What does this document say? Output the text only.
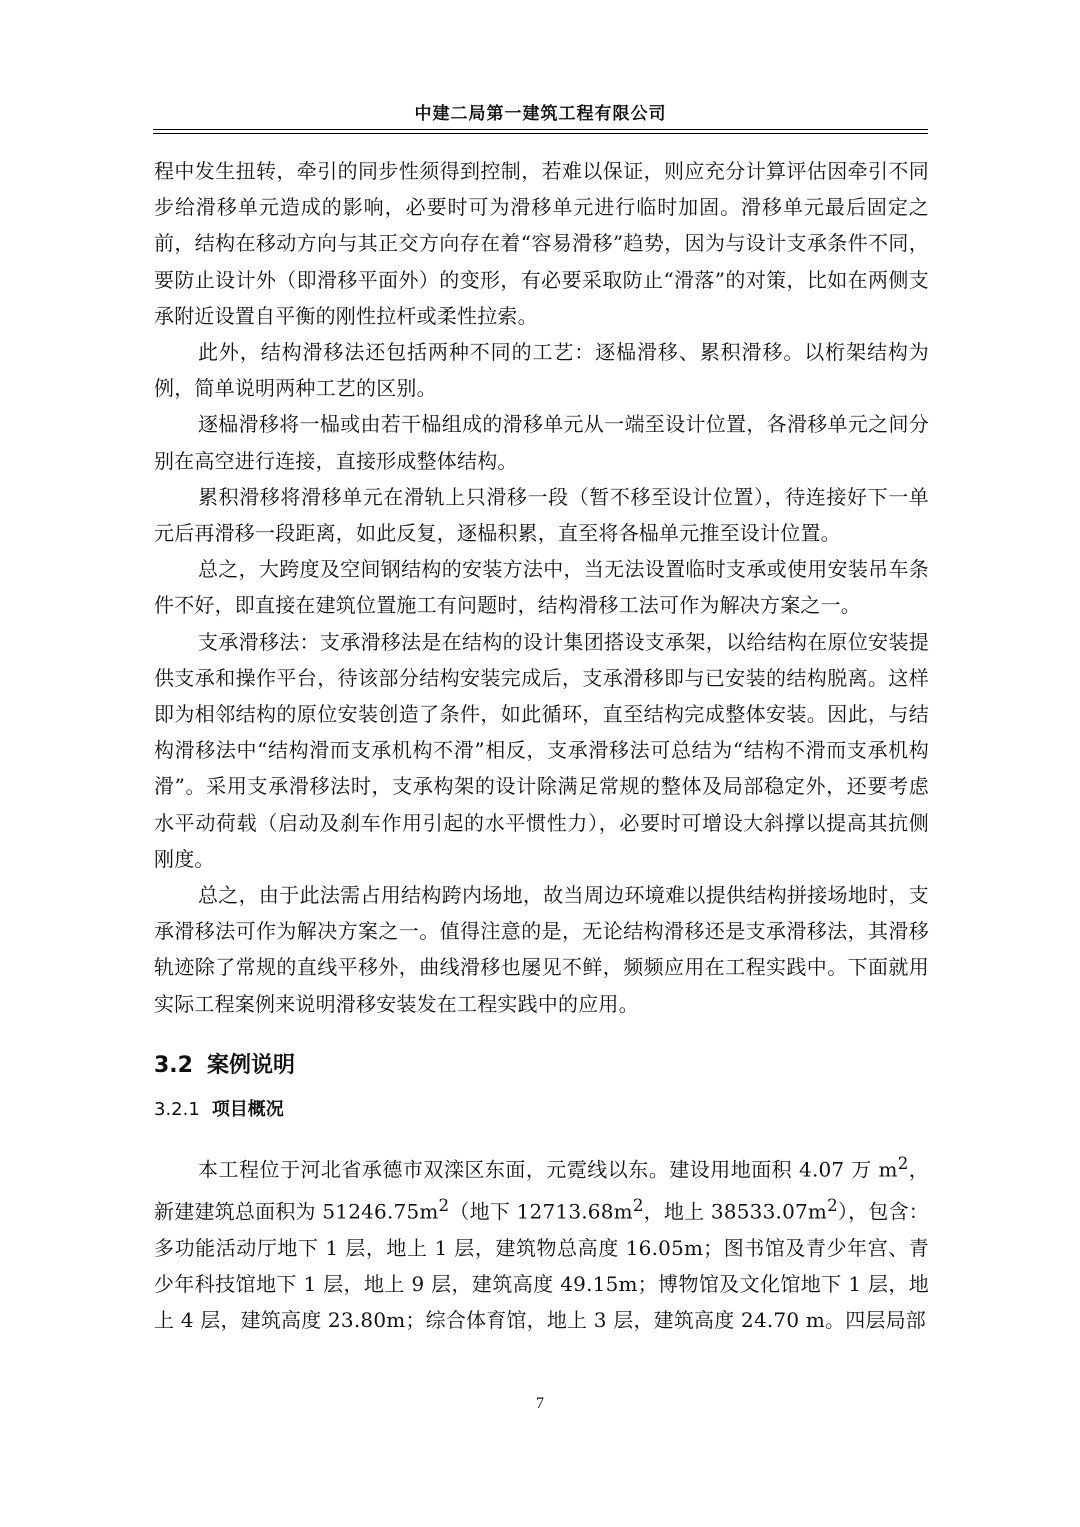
中建二局第一建筑工程有限公司

程中发生扭转，牵引的同步性须得到控制，若难以保证，则应充分计算评估因牵引不同步给滑移单元造成的影响，必要时可为滑移单元进行临时加固。滑移单元最后固定之前，结构在移动方向与其正交方向存在着“容易滑移”趋势，因为与设计支承条件不同，要防止设计外（即滑移平面外）的变形，有必要采取防止“滑落”的对策，比如在两侧支承附近设置自平衡的刚性拉杆或柔性拉索。

此外，结构滑移法还包括两种不同的工艺：逐榀滑移、累积滑移。以桁架结构为例，简单说明两种工艺的区别。

逐榀滑移将一榀或由若干榀组成的滑移单元从一端至设计位置，各滑移单元之间分别在高空进行连接，直接形成整体结构。

累积滑移将滑移单元在滑轨上只滑移一段（暂不移至设计位置），待连接好下一单元后再滑移一段距离，如此反复，逐榀积累，直至将各榀单元推至设计位置。

总之，大跨度及空间钢结构的安装方法中，当无法设置临时支承或使用安装吊车条件不好，即直接在建筑位置施工有问题时，结构滑移工法可作为解决方案之一。

支承滑移法：支承滑移法是在结构的设计集团搭设支承架，以给结构在原位安装提供支承和操作平台，待该部分结构安装完成后，支承滑移即与已安装的结构脱离。这样即为相邻结构的原位安装创造了条件，如此循环，直至结构完成整体安装。因此，与结构滑移法中“结构滑而支承机构不滑”相反，支承滑移法可总结为“结构不滑而支承机构滑”。采用支承滑移法时，支承构架的设计除满足常规的整体及局部稳定外，还要考虑水平动荷载（启动及刹车作用引起的水平惯性力），必要时可增设大斜撑以提高其抗侧刚度。

总之，由于此法需占用结构跨内场地，故当周边环境难以提供结构拼接场地时，支承滑移法可作为解决方案之一。值得注意的是，无论结构滑移还是支承滑移法，其滑移轨迹除了常规的直线平移外，曲线滑移也屡见不鲜，频频应用在工程实践中。下面就用实际工程案例来说明滑移安装发在工程实践中的应用。

3.2 案例说明
3.2.1 项目概况

本工程位于河北省承德市双滦区东面，元霓线以东。建设用地面积 4.07 万 $m^2$，新建建筑总面积为 $51246.75m^2$（地下 $12713.68m^2$，地上 $38533.07m^2$），包含：多功能活动厅地下 1 层，地上 1 层，建筑物总高度 16.05m；图书馆及青少年宫、青少年科技馆地下 1 层，地上 9 层，建筑高度 49.15m；博物馆及文化馆地下 1 层，地上 4 层，建筑高度 23.80m；综合体育馆，地上 3 层，建筑高度 24.70 m。四层局部

7
